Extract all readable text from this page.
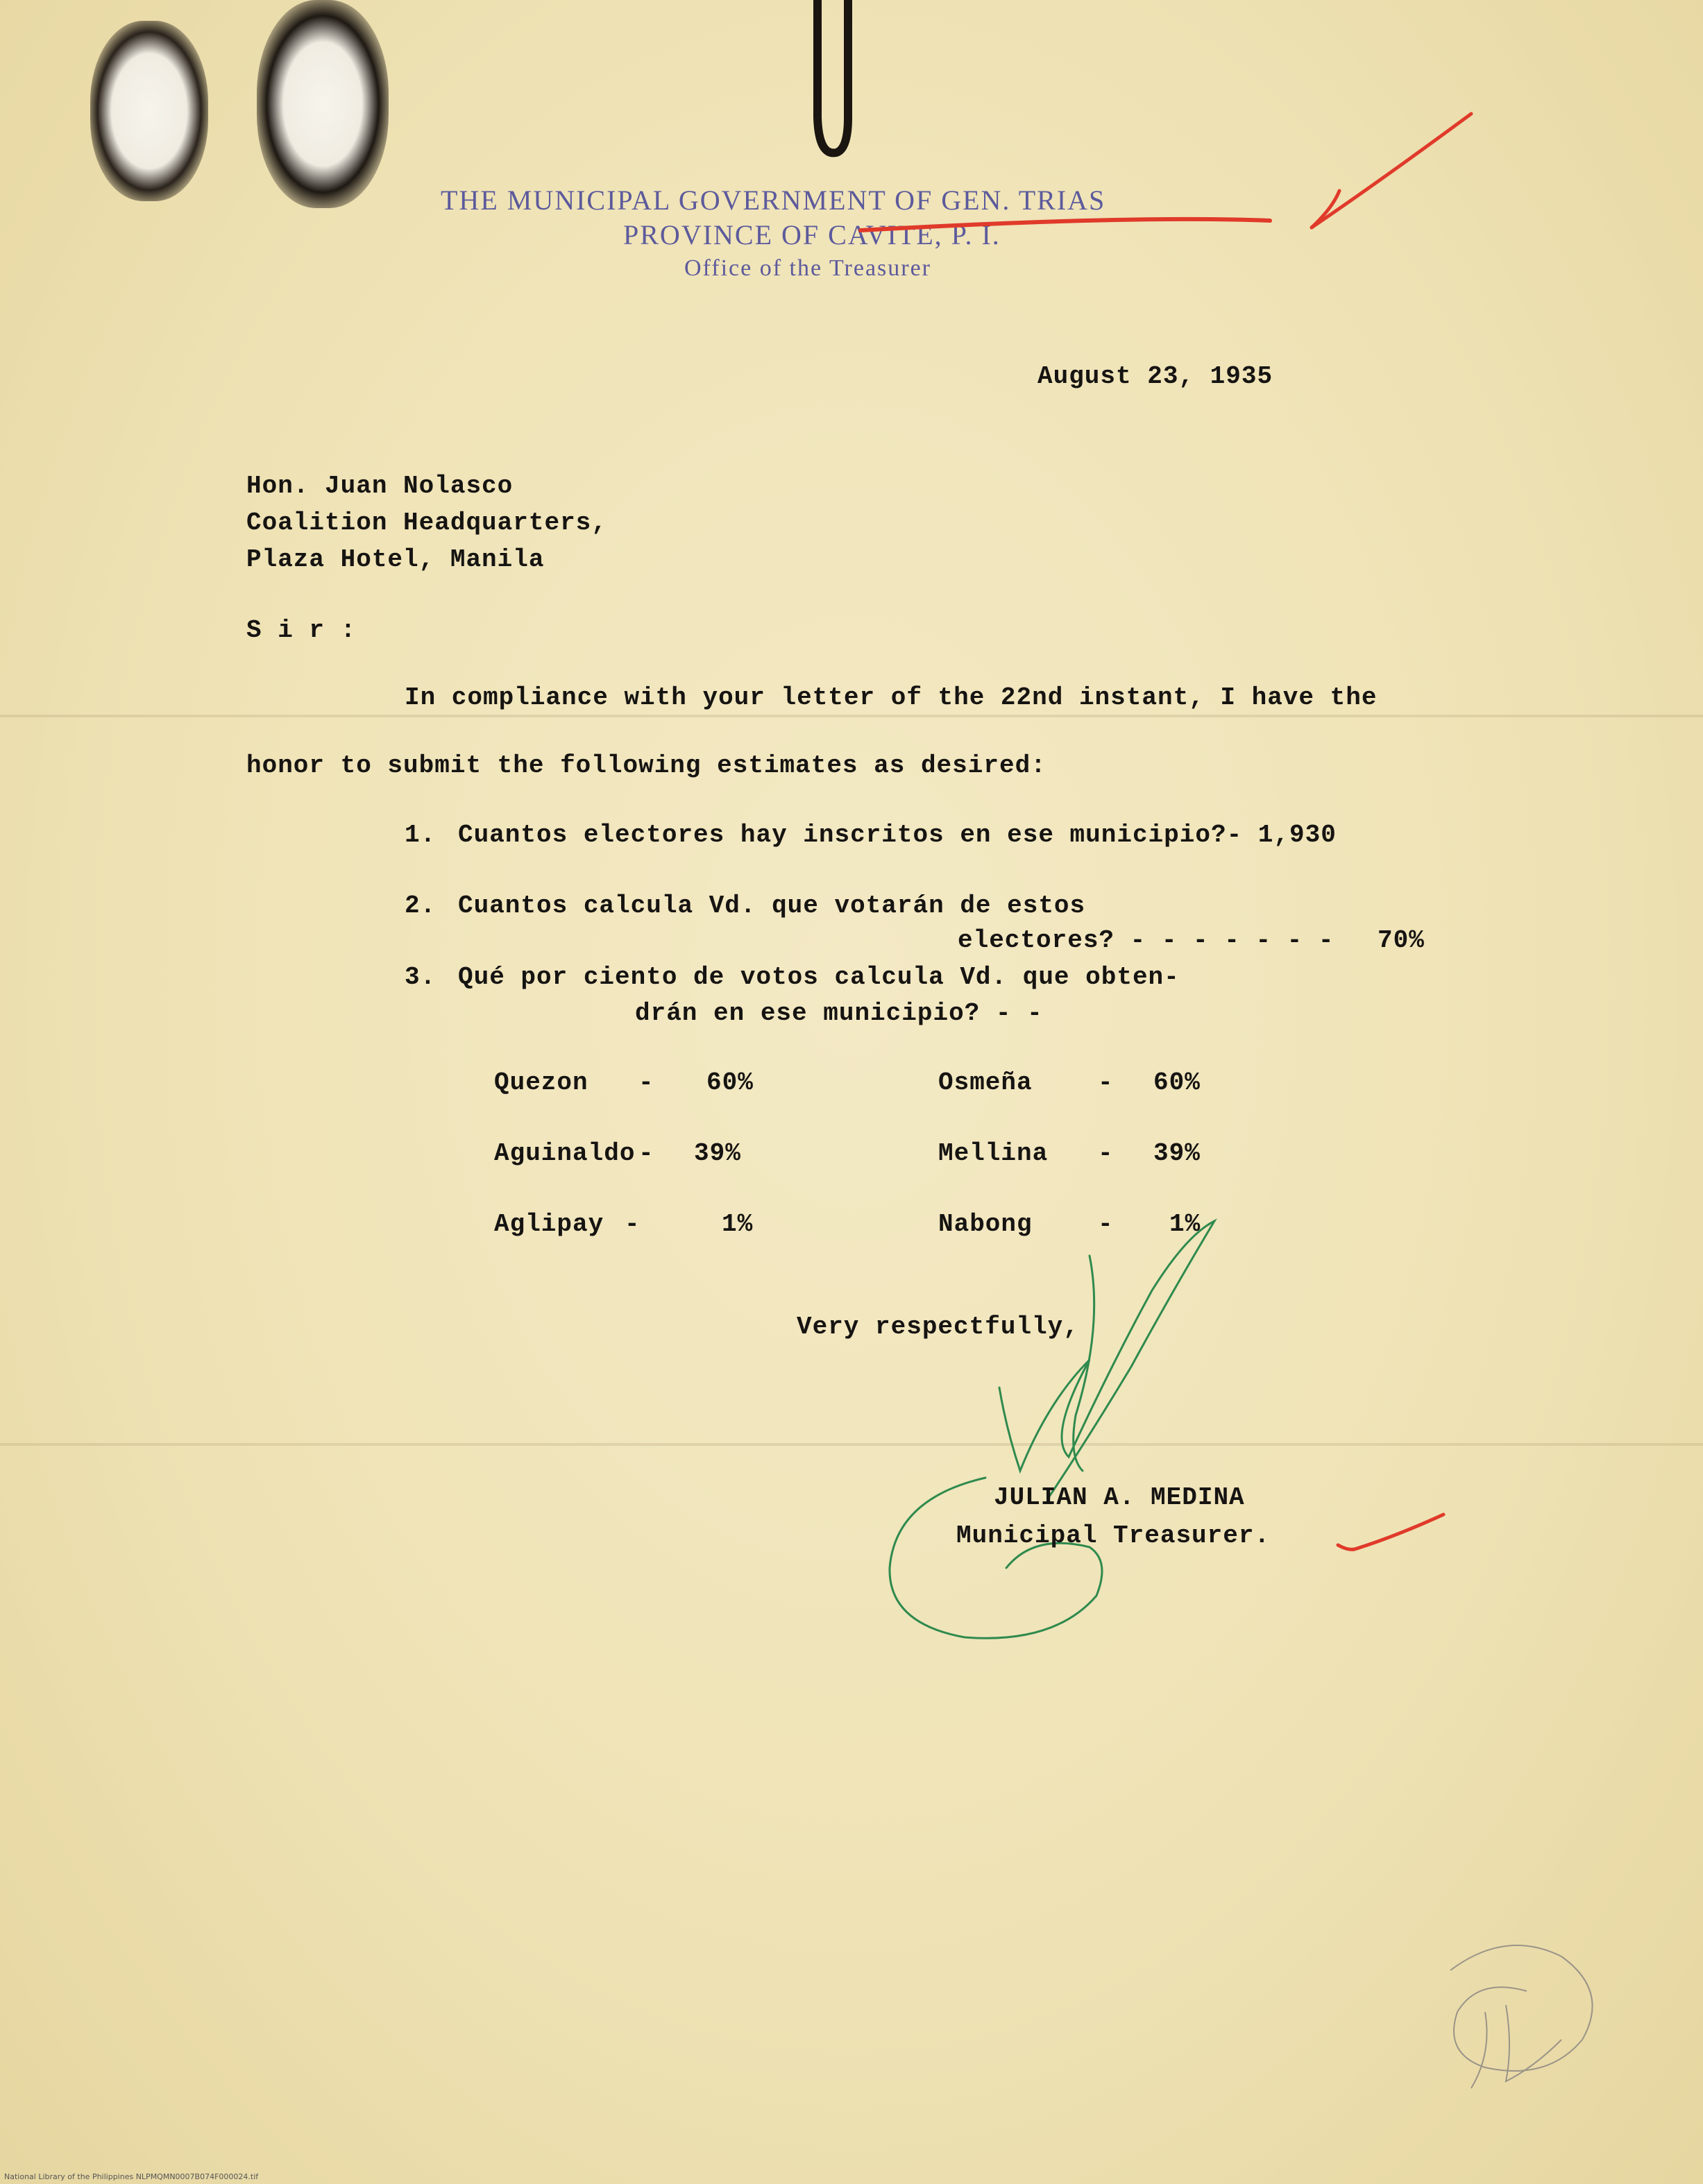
THE MUNICIPAL GOVERNMENT OF GEN. TRIAS
PROVINCE OF CAVITE, P. I.
Office of the Treasurer
August 23, 1935
Hon. Juan Nolasco
Coalition Headquarters,
Plaza Hotel, Manila
S i r :
In compliance with your letter of the 22nd instant, I have the
honor to submit the following estimates as desired:
1. Cuantos electores hay inscritos en ese municipio?- 1,930
2. Cuantos calcula Vd. que votarán de estos
electores? - - - - - - - 70%
3. Qué por ciento de votos calcula Vd. que obten-
drán en ese municipio? - -
Quezon - 60%	Osmeña	- 60%
Aguinaldo - 39%	Mellina - 39%
Aglipay -	1%	Nabong	- 1%
Very respectfully,
JULIAN A. MEDINA
Municipal Treasurer.
National Library of the Philippines NLPMQMN0007B074F000024.tif
